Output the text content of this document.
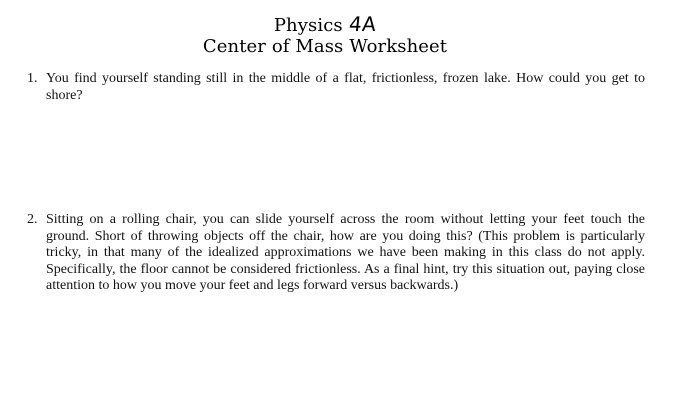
Physics 4A
Center of Mass Worksheet
1. You find yourself standing still in the middle of a flat, frictionless, frozen lake. How could you get to shore?
2. Sitting on a rolling chair, you can slide yourself across the room without letting your feet touch the ground. Short of throwing objects off the chair, how are you doing this? (This problem is particularly tricky, in that many of the idealized approximations we have been making in this class do not apply. Specifically, the floor cannot be considered frictionless. As a final hint, try this situation out, paying close attention to how you move your feet and legs forward versus backwards.)
